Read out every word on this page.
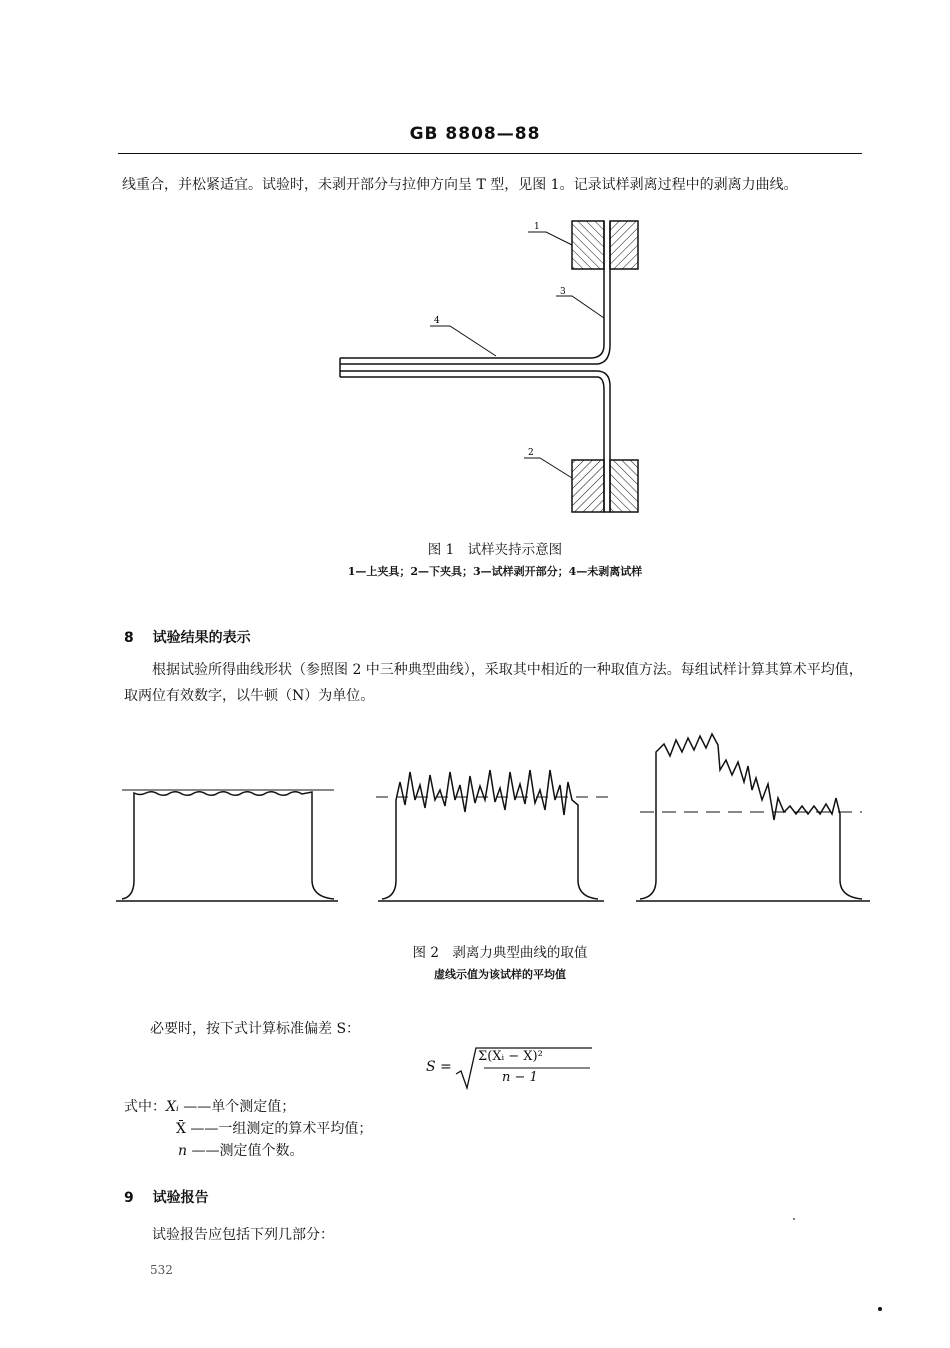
GB 8808—88
线重合，并松紧适宜。试验时，未剥开部分与拉伸方向呈 T 型，见图 1。记录试样剥离过程中的剥离力曲线。
1
2
3
4
图 1　试样夹持示意图
1—上夹具；2—下夹具；3—试样剥开部分；4—未剥离试样
8 试验结果的表示
根据试验所得曲线形状（参照图 2 中三种典型曲线），采取其中相近的一种取值方法。每组试样计算其算术平均值，取两位有效数字，以牛顿（N）为单位。
图 2　剥离力典型曲线的取值
虚线示值为该试样的平均值
必要时，按下式计算标准偏差 S：
S =
Σ(Xᵢ − X̄)²
n − 1
式中：Xᵢ ——单个测定值；
X̄ ——一组测定的算术平均值；
n ——测定值个数。
9 试验报告
试验报告应包括下列几部分：
532
